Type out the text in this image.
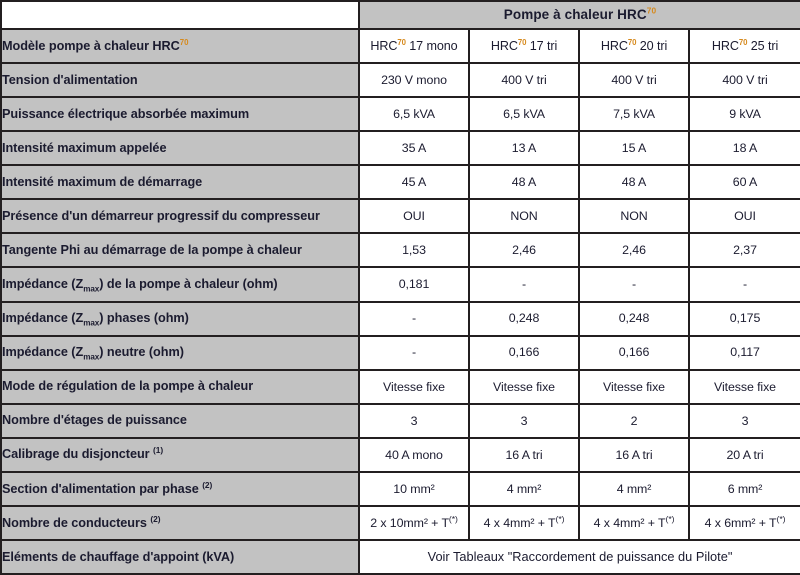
	Pompe à chaleur HRC$^{70}$
Modèle pompe à chaleur HRC$^{70}$	HRC$^{70}$ 17 mono	HRC$^{70}$ 17 tri	HRC$^{70}$ 20 tri	HRC$^{70}$ 25 tri
Tension d'alimentation	230 V mono	400 V tri	400 V tri	400 V tri
Puissance électrique absorbée maximum	6,5 kVA	6,5 kVA	7,5 kVA	9 kVA
Intensité maximum appelée	35 A	13 A	15 A	18 A
Intensité maximum de démarrage	45 A	48 A	48 A	60 A
Présence d'un démarreur progressif du compresseur	OUI	NON	NON	OUI
Tangente Phi au démarrage de la pompe à chaleur	1,53	2,46	2,46	2,37
Impédance $(Z_{max})$ de la pompe à chaleur (ohm)	0,181	-	-	-
Impédance $(Z_{max})$ phases (ohm)	-	0,248	0,248	0,175
Impédance $(Z_{max})$ neutre (ohm)	-	0,166	0,166	0,117
Mode de régulation de la pompe à chaleur	Vitesse fixe	Vitesse fixe	Vitesse fixe	Vitesse fixe
Nombre d'étages de puissance	3	3	2	3
Calibrage du disjoncteur $^{(1)}$	40 A mono	16 A tri	16 A tri	20 A tri
Section d'alimentation par phase $^{(2)}$	10 mm²	4 mm²	4 mm²	6 mm²
Nombre de conducteurs $^{(2)}$	2 x 10mm² + T(*)	4 x 4mm² + T(*)	4 x 4mm² + T(*)	4 x 6mm² + T(*)
Eléments de chauffage d'appoint (kVA)	Voir Tableaux "Raccordement de puissance du Pilote"			
